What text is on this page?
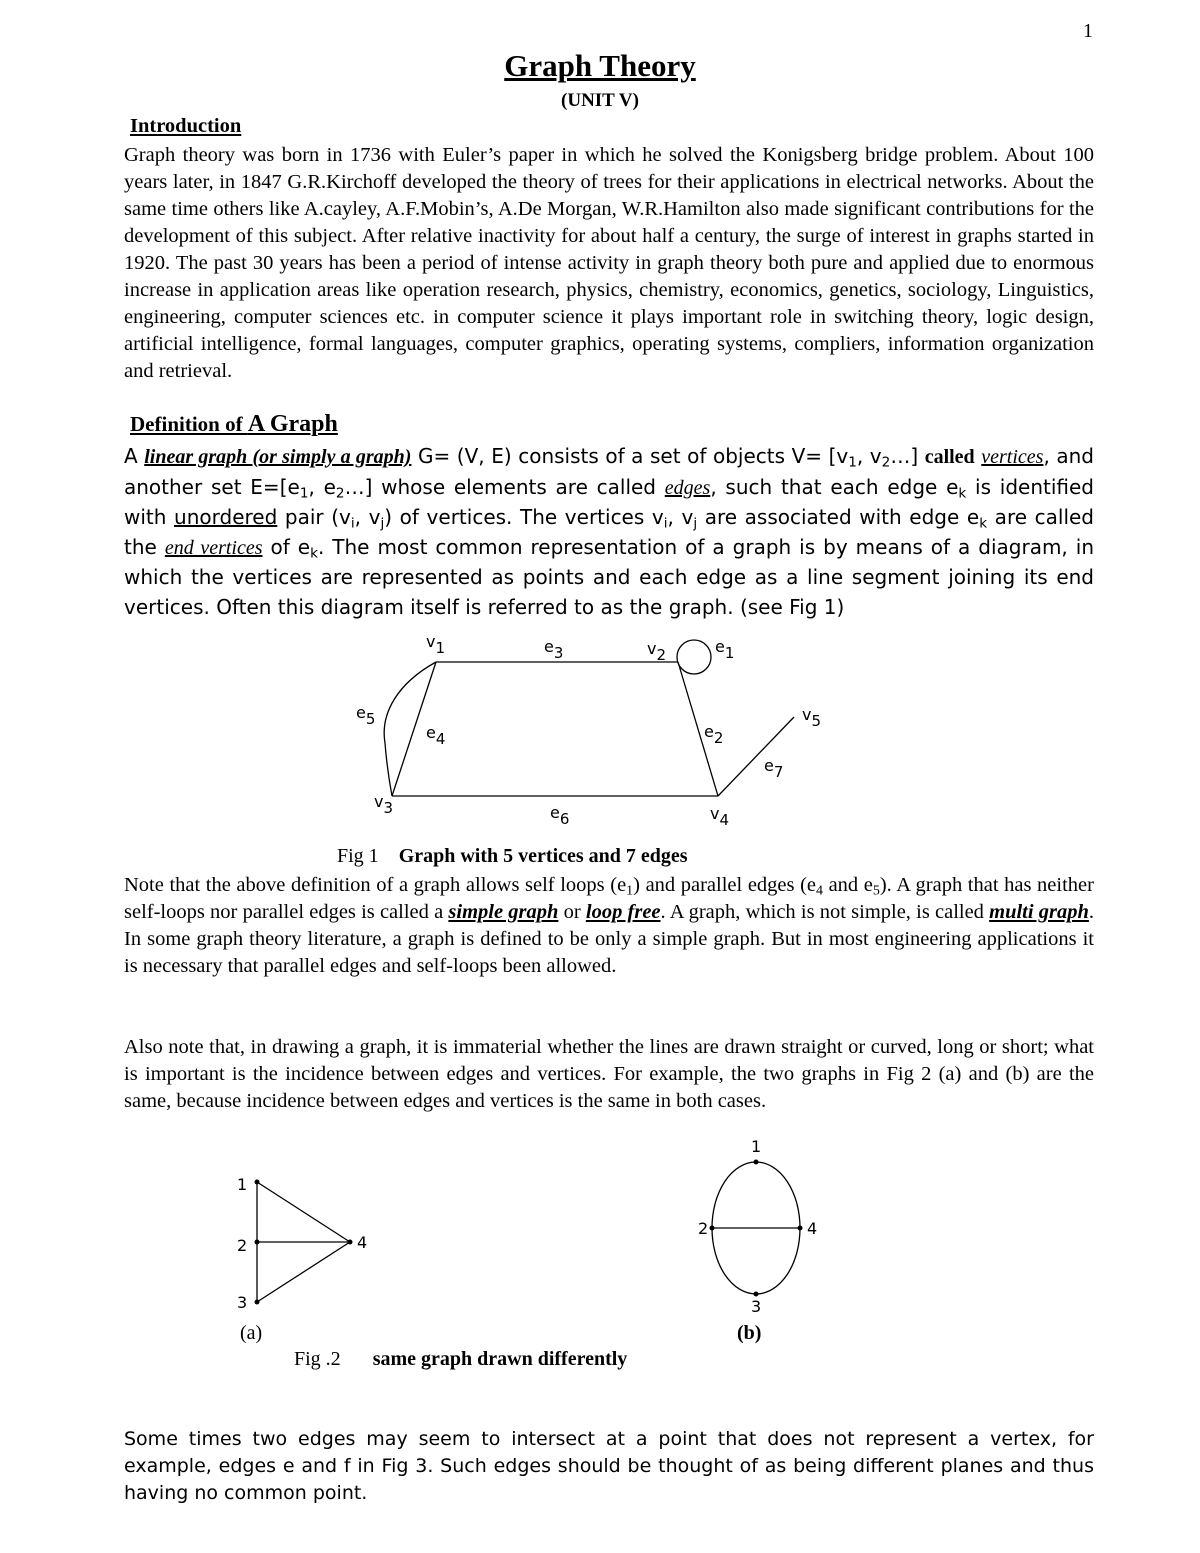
1
Graph Theory
(UNIT V)
Introduction
Graph theory was born in 1736 with Euler’s paper in which he solved the Konigsberg bridge problem. About 100 years later, in 1847 G.R.Kirchoff developed the theory of trees for their applications in electrical networks. About the same time others like A.cayley, A.F.Mobin’s, A.De Morgan, W.R.Hamilton also made significant contributions for the development of this subject. After relative inactivity for about half a century, the surge of interest in graphs started in 1920. The past 30 years has been a period of intense activity in graph theory both pure and applied due to enormous increase in application areas like operation research, physics, chemistry, economics, genetics, sociology, Linguistics, engineering, computer sciences etc. in computer science it plays important role in switching theory, logic design, artificial intelligence, formal languages, computer graphics, operating systems, compliers, information organization and retrieval.
Definition of A Graph
A linear graph (or simply a graph) G= (V, E) consists of a set of objects $V= [v_1$, $v_2\dots$] called vertices, and another set $E=[e_1$, $e_2\dots$] whose elements are called edges, such that each edge $e_k$ is identified with unordered pair ($v_i$, $v_j$) of vertices. The vertices $v_i$, $v_j$ are associated with edge $e_k$ are called the end vertices of $e_k$. The most common representation of a graph is by means of a diagram, in which the vertices are represented as points and each edge as a line segment joining its end vertices. Often this diagram itself is referred to as the graph. (see Fig 1)
v1	v2
v3	v4
v5
e1
e2
e3
e4
e5
e6
e7
Fig 1 Graph with 5 vertices and 7 edges
Note that the above definition of a graph allows self loops $(e_1)$ and parallel edges ($e_4$ and $e_5$). A graph that has neither self-loops nor parallel edges is called a simple graph or loop free. A graph, which is not simple, is called multi graph. In some graph theory literature, a graph is defined to be only a simple graph. But in most engineering applications it is necessary that parallel edges and self-loops been allowed.
Also note that, in drawing a graph, it is immaterial whether the lines are drawn straight or curved, long or short; what is important is the incidence between edges and vertices. For example, the two graphs in Fig 2 (a) and (b) are the same, because incidence between edges and vertices is the same in both cases.
1
2
3
4
(a)
1
2
3
4
(b)
Fig .2 same graph drawn differently
Some times two edges may seem to intersect at a point that does not represent a vertex, for example, edges e and f in Fig 3. Such edges should be thought of as being different planes and thus having no common point.
